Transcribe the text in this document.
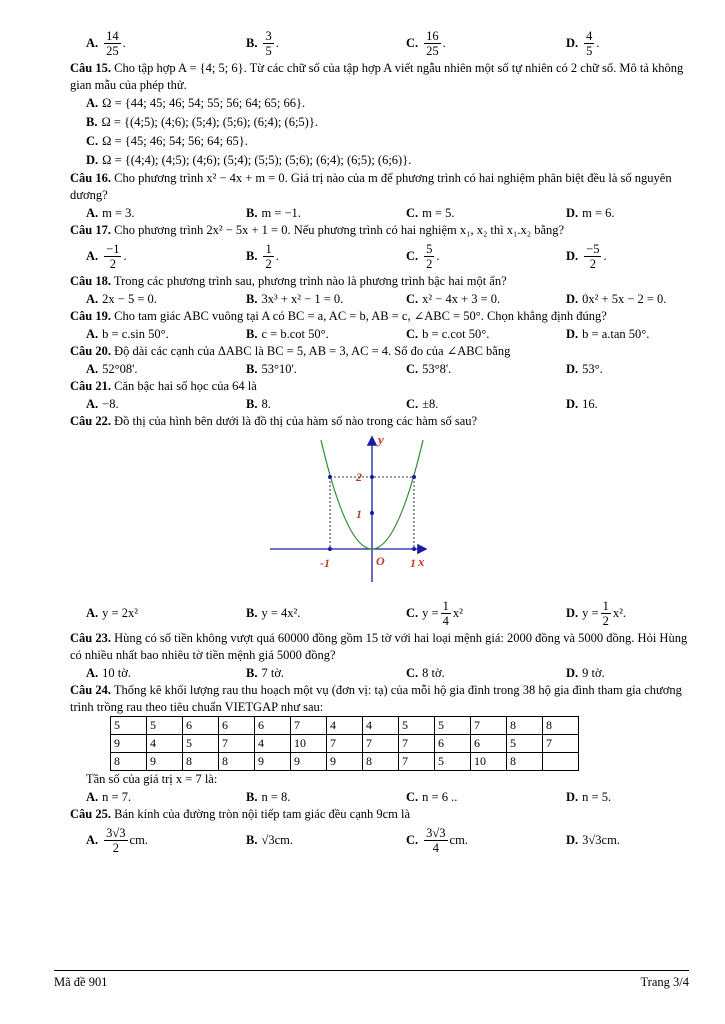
A. $\frac{14}{25}$ .	B. $\frac{3}{5}$ .	C. $\frac{16}{25}$ .	D. $\frac{4}{5}$ .

Câu 15. Cho tập hợp A = {4; 5; 6}. Từ các chữ số của tập hợp A viết ngẫu nhiên một số tự nhiên có 2 chữ số. Mô tả không gian mẫu của phép thử.

A. Ω = {44; 45; 46; 54; 55; 56; 64; 65; 66}.
B. Ω = {(4;5); (4;6); (5;4); (5;6); (6;4); (6;5)}.
C. Ω = {45; 46; 54; 56; 64; 65}.
D. Ω = {(4;4); (4;5); (4;6); (5;4); (5;5); (5;6); (6;4); (6;5); (6;6)}.

Câu 16. Cho phương trình x² − 4x + m = 0. Giá trị nào của m để phương trình có hai nghiệm phân biệt đều là số nguyên dương?

A. m = 3.	B. m = −1.	C. m = 5.	D. m = 6.

Câu 17. Cho phương trình 2x² − 5x + 1 = 0. Nếu phương trình có hai nghiệm x₁, x₂ thì x₁.x₂ bằng?

A. $\frac{-1}{2}$ .	B. $\frac{1}{2}$ .	C. $\frac{5}{2}$ .	D. $\frac{-5}{2}$ .

Câu 18. Trong các phương trình sau, phương trình nào là phương trình bậc hai một ẩn?

A. 2x − 5 = 0.	B. 3x³ + x² − 1 = 0.	C. x² − 4x + 3 = 0.	D. 0x² + 5x − 2 = 0.

Câu 19. Cho tam giác ABC vuông tại A có BC = a, AC = b, AB = c, ∠ABC = 50°. Chọn khẳng định đúng?

A. b = c.sin 50°.	B. c = b.cot 50°.	C. b = c.cot 50°.	D. b = a.tan 50°.

Câu 20. Độ dài các cạnh của ΔABC là BC = 5, AB = 3, AC = 4. Số đo của ∠ABC bằng

A. 52°08'.	B. 53°10'.	C. 53°8'.	D. 53°.

Câu 21. Căn bậc hai số học của 64 là

A. −8.	B. 8.	C. ±8.	D. 16.

Câu 22. Đồ thị của hình bên dưới là đồ thị của hàm số nào trong các hàm số sau?

y
x
2
1
-1	1
O
A. y = 2x²	B. y = 4x².	C. $y = \frac{1}{4} x^2$	D. $y = \frac{1}{2} x^2$.

Câu 23. Hùng có số tiền không vượt quá 60000 đồng gồm 15 tờ với hai loại mệnh giá: 2000 đồng và 5000 đồng. Hỏi Hùng có nhiều nhất bao nhiêu tờ tiền mệnh giá 5000 đồng?

A. 10 tờ.	B. 7 tờ.	C. 8 tờ.	D. 9 tờ.

Câu 24. Thống kê khối lượng rau thu hoạch một vụ (đơn vị: tạ) của mỗi hộ gia đình trong 38 hộ gia đình tham gia chương trình trồng rau theo tiêu chuẩn VIETGAP như sau:

5	5	6	6	6	7	4	4	5	5	7	8	8
9	4	5	7	4	10	7	7	7	6	6	5	7
8	9	8	8	9	9	9	8	7	5	10	8	
Tần số của giá trị x = 7 là:
A. n = 7.	B. n = 8.	C. n = 6 ..	D. n = 5.

Câu 25. Bán kính của đường tròn nội tiếp tam giác đều cạnh 9cm là

A. $\frac{3√3}{2}$ cm.	B. √3cm.	C. $\frac{3√3}{4}$ cm.	D. 3√3cm.
Mã đề 901	Trang 3/4
